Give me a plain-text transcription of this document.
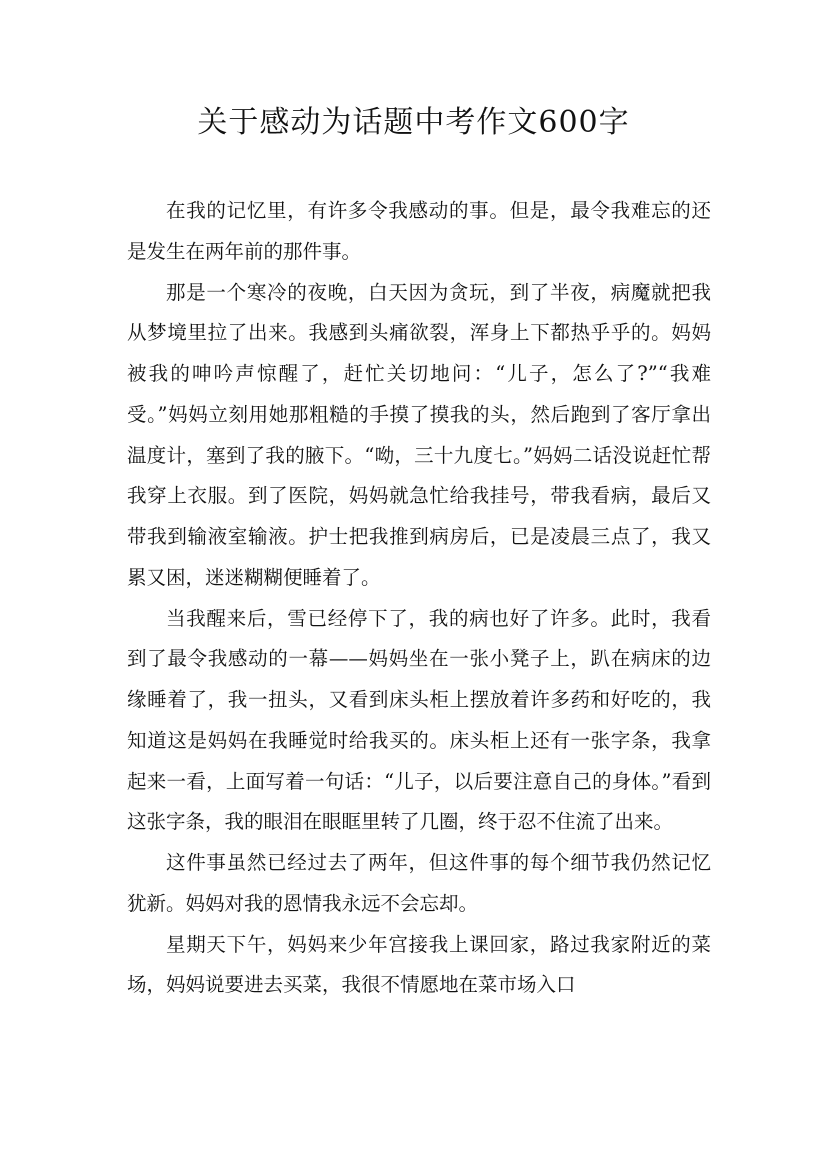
关于感动为话题中考作文600字

在我的记忆里，有许多令我感动的事。但是，最令我难忘的还是发生在两年前的那件事。

那是一个寒冷的夜晚，白天因为贪玩，到了半夜，病魔就把我从梦境里拉了出来。我感到头痛欲裂，浑身上下都热乎乎的。妈妈被我的呻吟声惊醒了，赶忙关切地问：“儿子，怎么了?”“我难受。”妈妈立刻用她那粗糙的手摸了摸我的头，然后跑到了客厅拿出温度计，塞到了我的腋下。“呦，三十九度七。”妈妈二话没说赶忙帮我穿上衣服。到了医院，妈妈就急忙给我挂号，带我看病，最后又带我到输液室输液。护士把我推到病房后，已是凌晨三点了，我又累又困，迷迷糊糊便睡着了。

当我醒来后，雪已经停下了，我的病也好了许多。此时，我看到了最令我感动的一幕——妈妈坐在一张小凳子上，趴在病床的边缘睡着了，我一扭头，又看到床头柜上摆放着许多药和好吃的，我知道这是妈妈在我睡觉时给我买的。床头柜上还有一张字条，我拿起来一看，上面写着一句话：“儿子，以后要注意自己的身体。”看到这张字条，我的眼泪在眼眶里转了几圈，终于忍不住流了出来。

这件事虽然已经过去了两年，但这件事的每个细节我仍然记忆犹新。妈妈对我的恩情我永远不会忘却。

星期天下午，妈妈来少年宫接我上课回家，路过我家附近的菜场，妈妈说要进去买菜，我很不情愿地在菜市场入口
